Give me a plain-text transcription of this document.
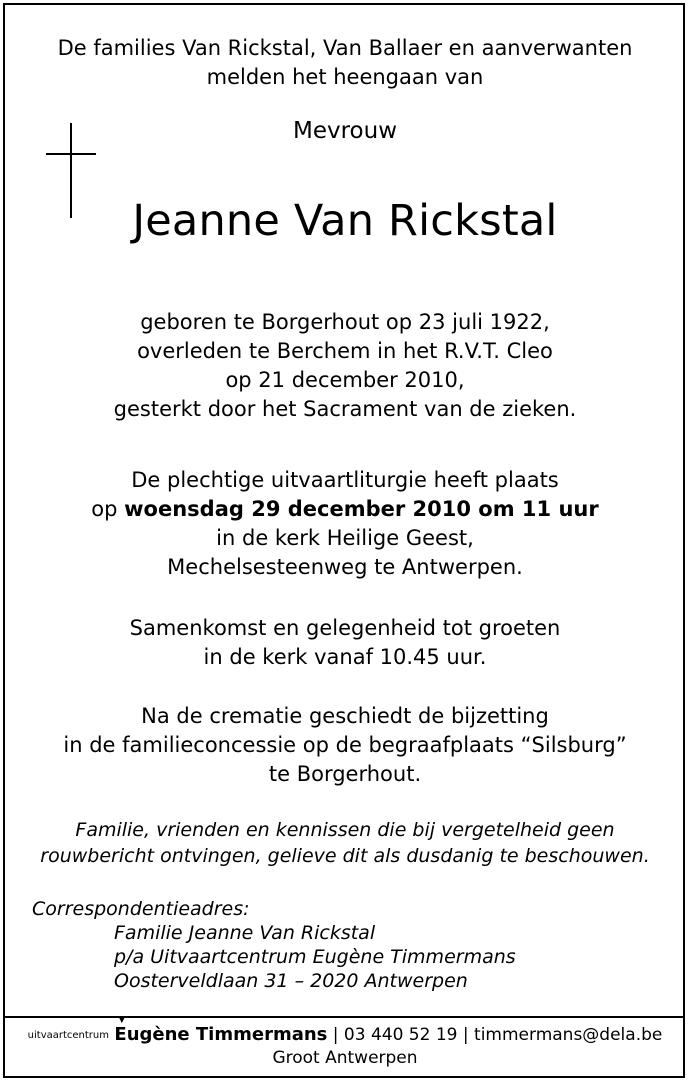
De families Van Rickstal, Van Ballaer en aanverwanten
melden het heengaan van
Mevrouw
Jeanne Van Rickstal
geboren te Borgerhout op 23 juli 1922,
overleden te Berchem in het R.V.T. Cleo
op 21 december 2010,
gesterkt door het Sacrament van de zieken.
De plechtige uitvaartliturgie heeft plaats
op woensdag 29 december 2010 om 11 uur
in de kerk Heilige Geest,
Mechelsesteenweg te Antwerpen.
Samenkomst en gelegenheid tot groeten
in de kerk vanaf 10.45 uur.
Na de crematie geschiedt de bijzetting
in de familieconcessie op de begraafplaats “Silsburg”
te Borgerhout.
Familie, vrienden en kennissen die bij vergetelheid geen
rouwbericht ontvingen, gelieve dit als dusdanig te beschouwen.
Correspondentieadres:
Familie Jeanne Van Rickstal
p/a Uitvaartcentrum Eugène Timmermans
Oosterveldlaan 31 – 2020 Antwerpen
uitvaartcentrum
▼
Eugène Timmermans | 03 440 52 19 | timmermans@dela.be
Groot Antwerpen
